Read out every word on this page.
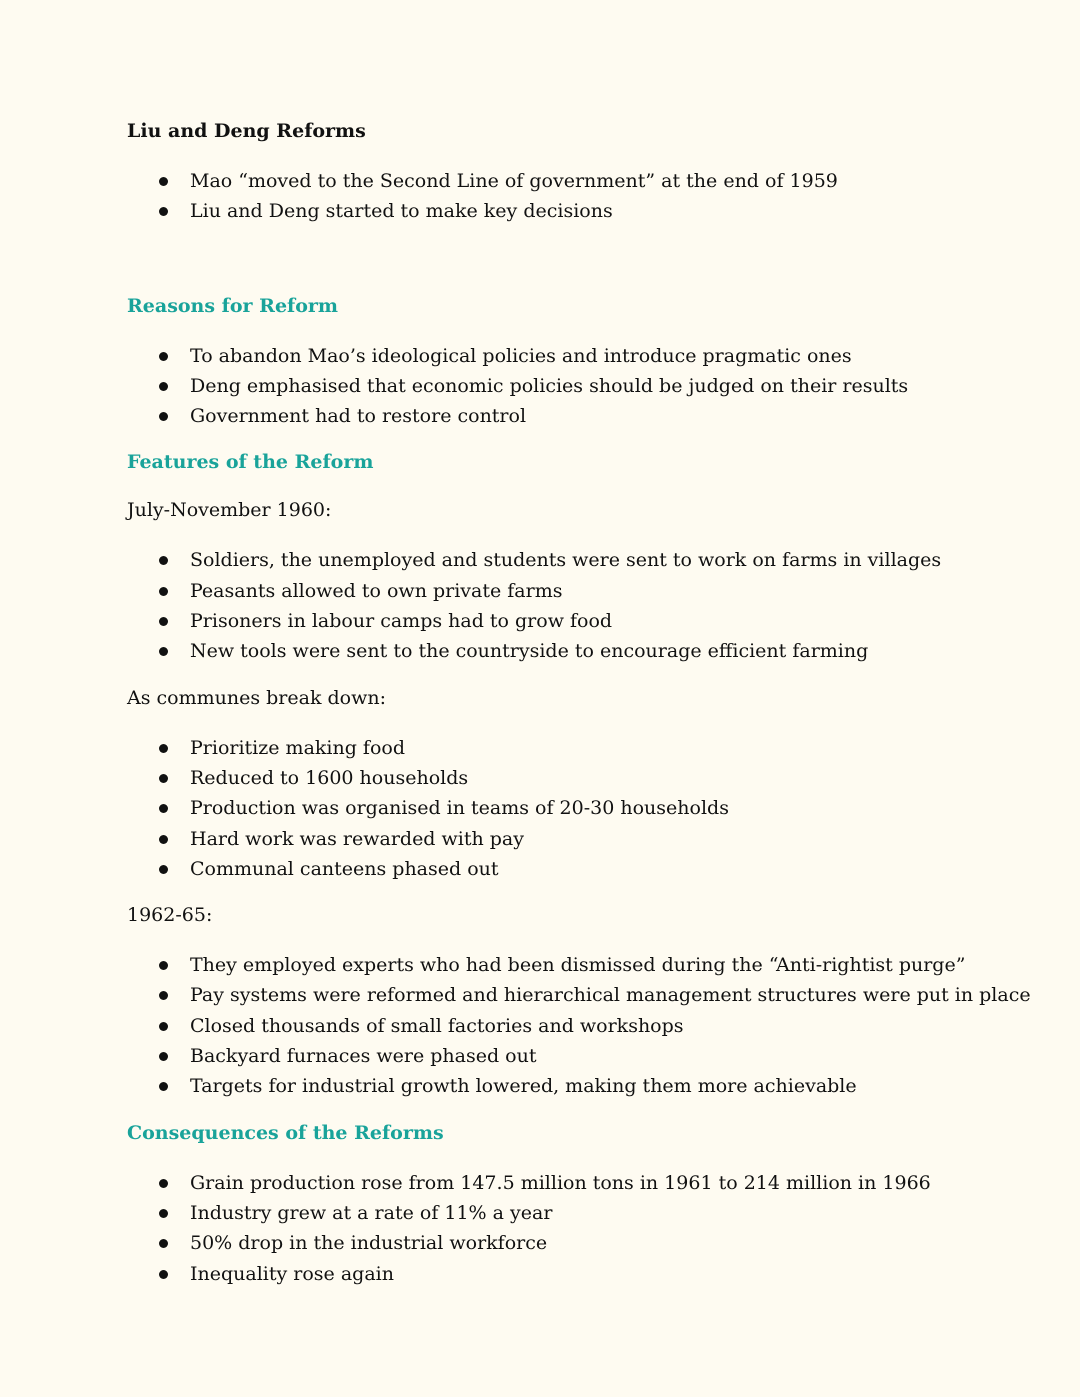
Liu and Deng Reforms
Mao “moved to the Second Line of government” at the end of 1959
Liu and Deng started to make key decisions
Reasons for Reform
To abandon Mao’s ideological policies and introduce pragmatic ones
Deng emphasised that economic policies should be judged on their results
Government had to restore control
Features of the Reform

July-November 1960:

Soldiers, the unemployed and students were sent to work on farms in villages
Peasants allowed to own private farms
Prisoners in labour camps had to grow food
New tools were sent to the countryside to encourage efficient farming

As communes break down:

Prioritize making food
Reduced to 1600 households
Production was organised in teams of 20-30 households
Hard work was rewarded with pay
Communal canteens phased out

1962-65:

They employed experts who had been dismissed during the “Anti-rightist purge”
Pay systems were reformed and hierarchical management structures were put in place
Closed thousands of small factories and workshops
Backyard furnaces were phased out
Targets for industrial growth lowered, making them more achievable
Consequences of the Reforms
Grain production rose from 147.5 million tons in 1961 to 214 million in 1966
Industry grew at a rate of 11% a year
50% drop in the industrial workforce
Inequality rose again
